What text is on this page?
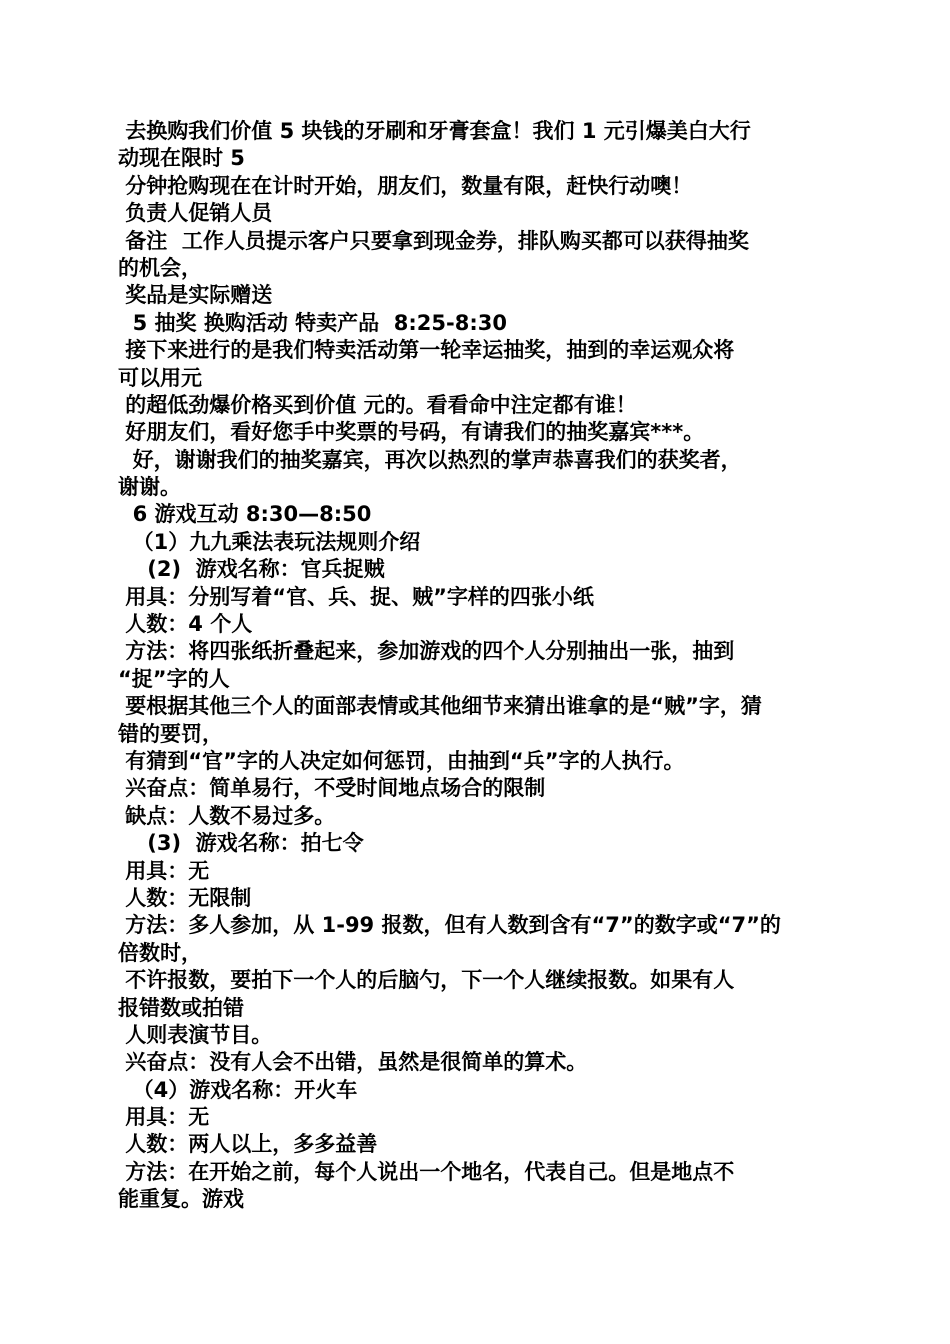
去换购我们价值 5 块钱的牙刷和牙膏套盒！我们 1 元引爆美白大行
动现在限时 5
分钟抢购现在在计时开始，朋友们，数量有限，赶快行动噢！
负责人促销人员
备注  工作人员提示客户只要拿到现金券，排队购买都可以获得抽奖
的机会，
奖品是实际赠送
5 抽奖 换购活动 特卖产品  8:25-8:30
接下来进行的是我们特卖活动第一轮幸运抽奖，抽到的幸运观众将
可以用元
的超低劲爆价格买到价值 元的。看看命中注定都有谁！
好朋友们，看好您手中奖票的号码，有请我们的抽奖嘉宾***。
好，谢谢我们的抽奖嘉宾，再次以热烈的掌声恭喜我们的获奖者，
谢谢。
6 游戏互动 8:30—8:50
（1）九九乘法表玩法规则介绍
(2)  游戏名称：官兵捉贼
用具：分别写着“官、兵、捉、贼”字样的四张小纸
人数：4 个人
方法：将四张纸折叠起来，参加游戏的四个人分别抽出一张，抽到
“捉”字的人
要根据其他三个人的面部表情或其他细节来猜出谁拿的是“贼”字，猜
错的要罚，
有猜到“官”字的人决定如何惩罚，由抽到“兵”字的人执行。
兴奋点：简单易行，不受时间地点场合的限制
缺点：人数不易过多。
(3)  游戏名称：拍七令
用具：无
人数：无限制
方法：多人参加，从 1-99 报数，但有人数到含有“7”的数字或“7”的
倍数时，
不许报数，要拍下一个人的后脑勺，下一个人继续报数。如果有人
报错数或拍错
人则表演节目。
兴奋点：没有人会不出错，虽然是很简单的算术。
（4）游戏名称：开火车
用具：无
人数：两人以上，多多益善
方法：在开始之前，每个人说出一个地名，代表自己。但是地点不
能重复。游戏
